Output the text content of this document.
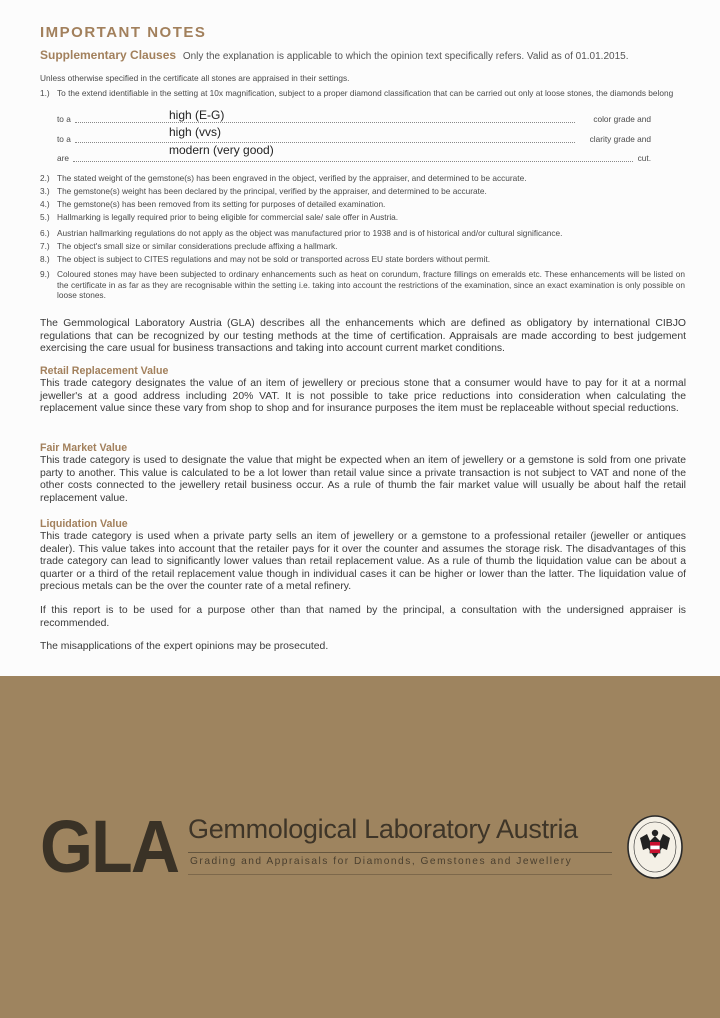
IMPORTANT NOTES
Supplementary Clauses Only the explanation is applicable to which the opinion text specifically refers. Valid as of 01.01.2015.
Unless otherwise specified in the certificate all stones are appraised in their settings.
1.) To the extend identifiable in the setting at 10x magnification, subject to a proper diamond classification that can be carried out only at loose stones, the diamonds belong
to a	color grade and
high (E-G)
to a	clarity grade and
high (vvs)
are	cut.
modern (very good)
2.) The stated weight of the gemstone(s) has been engraved in the object, verified by the appraiser, and determined to be accurate.
3.) The gemstone(s) weight has been declared by the principal, verified by the appraiser, and determined to be accurate.
4.) The gemstone(s) has been removed from its setting for purposes of detailed examination.
5.) Hallmarking is legally required prior to being eligible for commercial sale/ sale offer in Austria.
6.) Austrian hallmarking regulations do not apply as the object was manufactured prior to 1938 and is of historical and/or cultural significance.
7.) The object's small size or similar considerations preclude affixing a hallmark.
8.) The object is subject to CITES regulations and may not be sold or transported across EU state borders without permit.
9.) Coloured stones may have been subjected to ordinary enhancements such as heat on corundum, fracture fillings on emeralds etc. These enhancements will be listed on the certificate in as far as they are recognisable within the setting i.e. taking into account the restrictions of the examination, since an exact examination is only possible on loose stones.

The Gemmological Laboratory Austria (GLA) describes all the enhancements which are defined as obligatory by international CIBJO regulations that can be recognized by our testing methods at the time of certification. Appraisals are made according to best judgement exercising the care usual for business transactions and taking into account current market conditions.

Retail Replacement Value

This trade category designates the value of an item of jewellery or precious stone that a consumer would have to pay for it at a normal jeweller's at a good address including 20% VAT. It is not possible to take price reductions into consideration when calculating the replacement value since these vary from shop to shop and for insurance purposes the item must be replaceable without special reductions.

Fair Market Value

This trade category is used to designate the value that might be expected when an item of jewellery or a gemstone is sold from one private party to another. This value is calculated to be a lot lower than retail value since a private transaction is not subject to VAT and none of the other costs connected to the jewellery retail business occur. As a rule of thumb the fair market value will usually be about half the retail replacement value.

Liquidation Value

This trade category is used when a private party sells an item of jewellery or a gemstone to a professional retailer (jeweller or antiques dealer). This value takes into account that the retailer pays for it over the counter and assumes the storage risk. The disadvantages of this trade category can lead to significantly lower values than retail replacement value. As a rule of thumb the liquidation value can be about a quarter or a third of the retail replacement value though in individual cases it can be higher or lower than the latter. The liquidation value of precious metals can be the over the counter rate of a metal refinery.

If this report is to be used for a purpose other than that named by the principal, a consultation with the undersigned appraiser is recommended.

The misapplications of the expert opinions may be prosecuted.

GLA Gemmological Laboratory Austria
Grading and Appraisals for Diamonds, Gemstones and Jewellery
